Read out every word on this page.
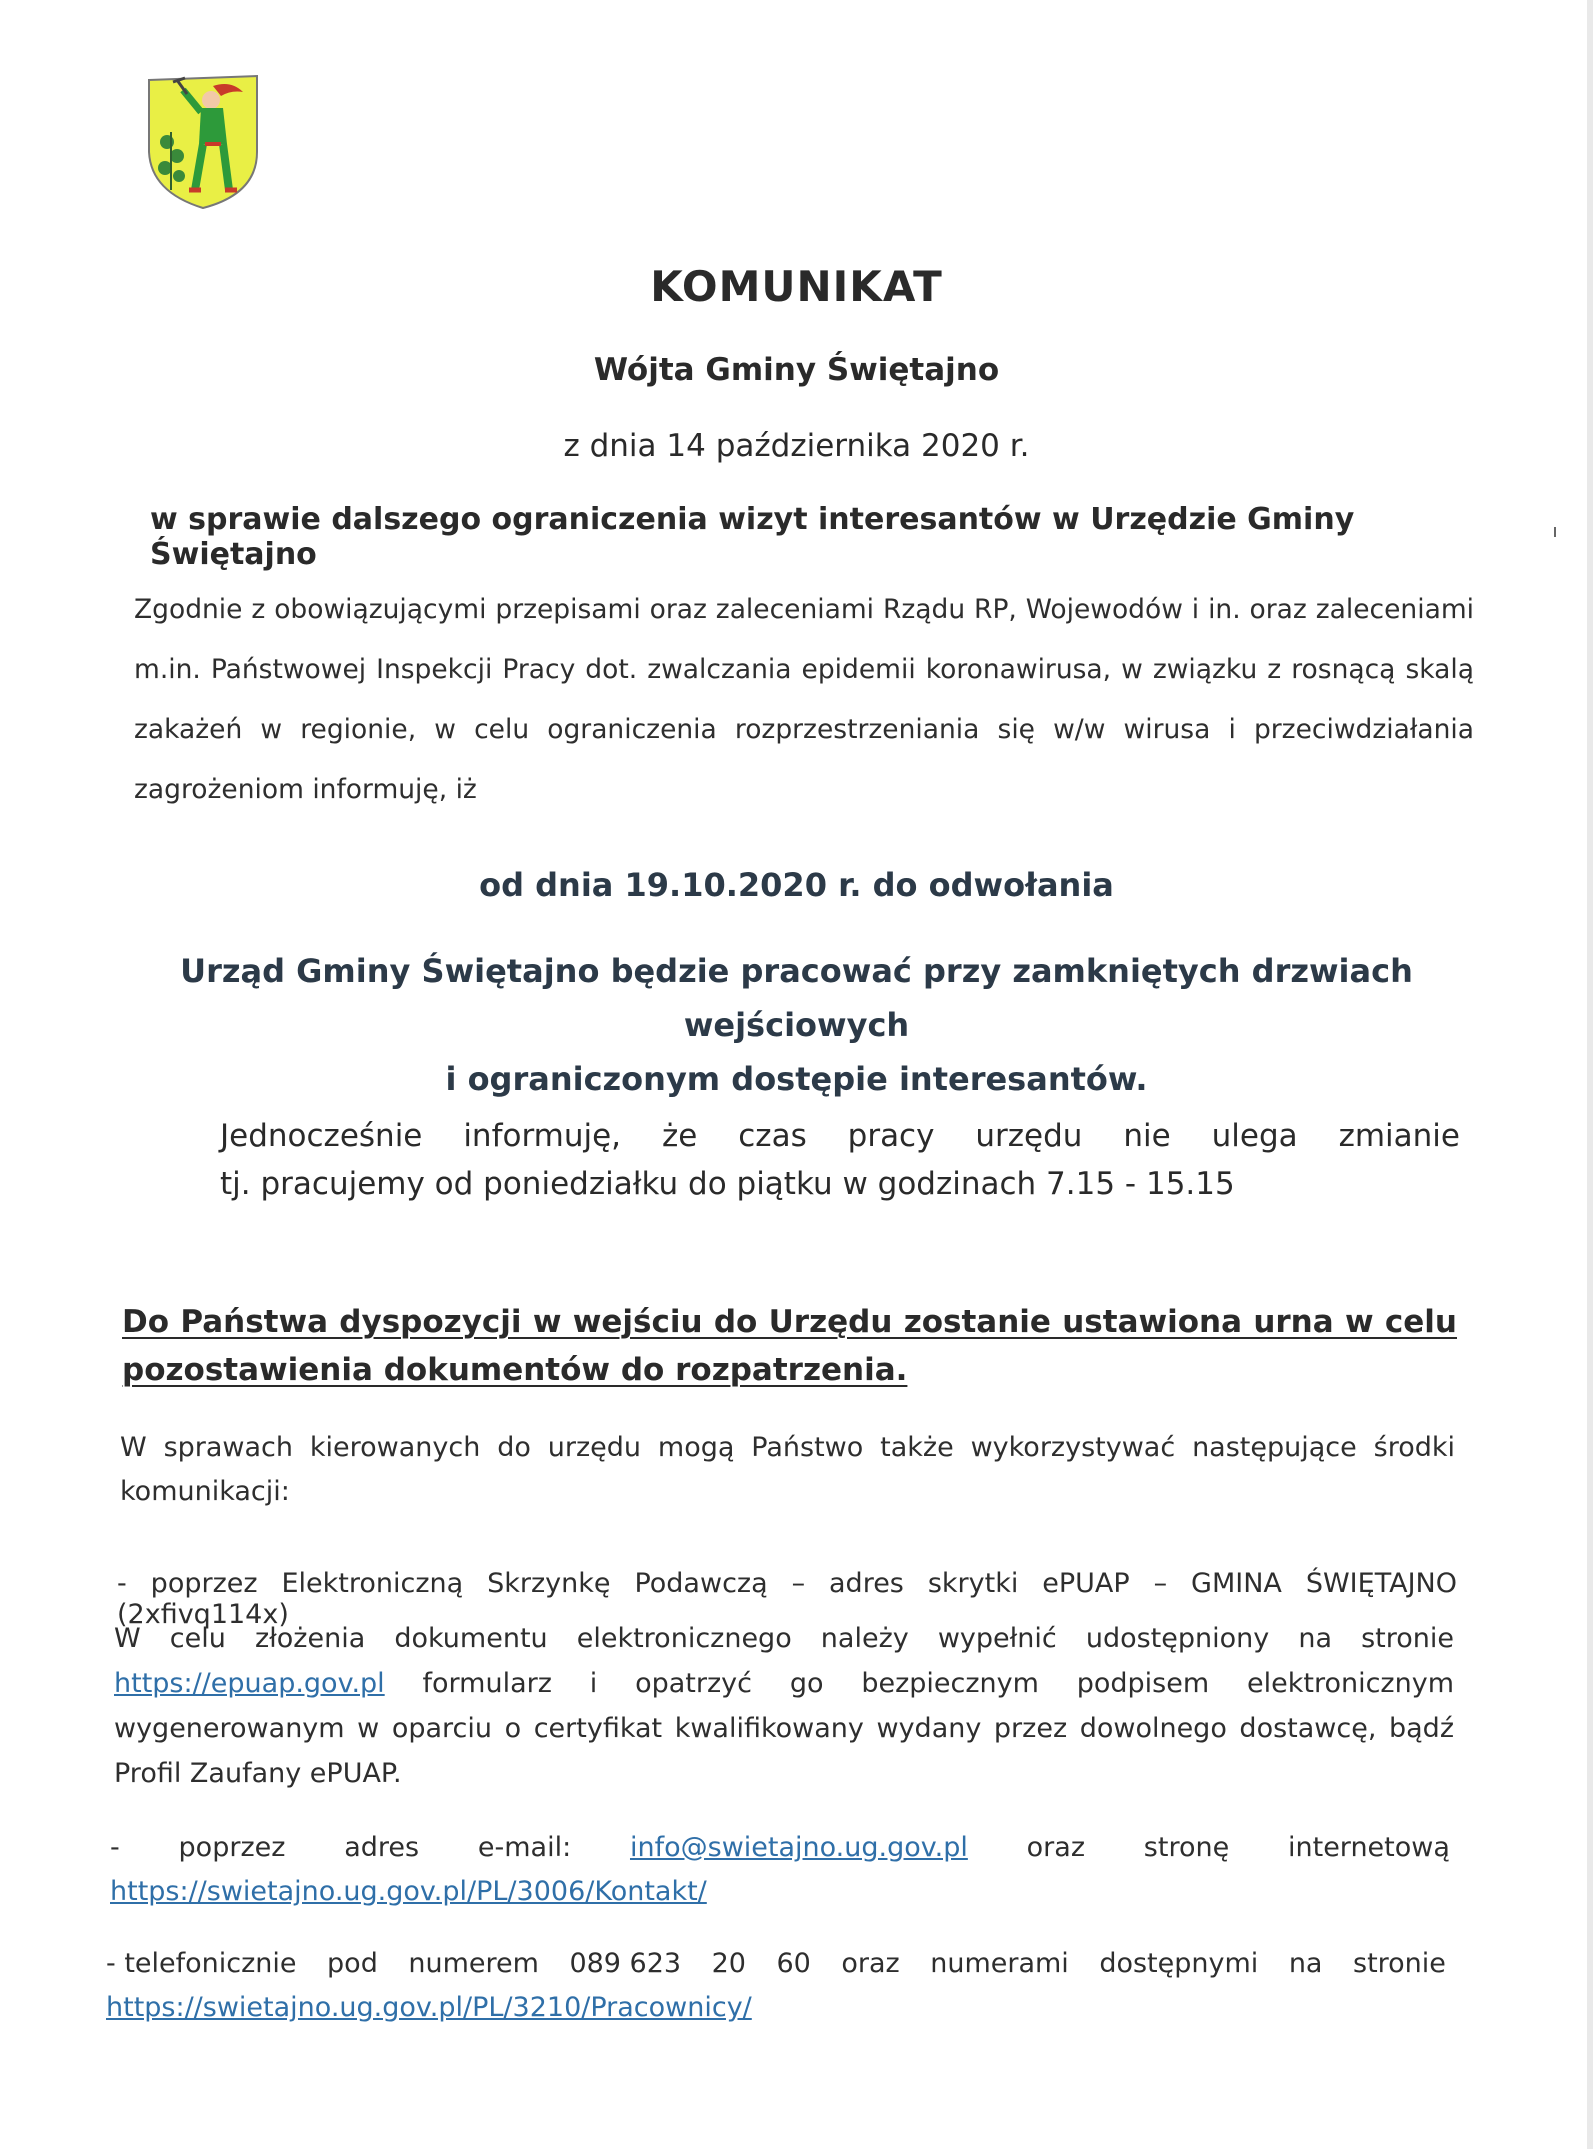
KOMUNIKAT
Wójta Gminy Świętajno
z dnia 14 października 2020 r.
w sprawie dalszego ograniczenia wizyt interesantów w Urzędzie Gminy Świętajno
Zgodnie z obowiązującymi przepisami oraz zaleceniami Rządu RP, Wojewodów i in. oraz zaleceniami m.in. Państwowej Inspekcji Pracy dot. zwalczania epidemii koronawirusa, w związku z rosnącą skalą zakażeń w regionie, w celu ograniczenia rozprzestrzeniania się w/w wirusa i przeciwdziałania zagrożeniom informuję, iż
od dnia 19.10.2020 r. do odwołania
Urząd Gminy Świętajno będzie pracować przy zamkniętych drzwiach wejściowych
i ograniczonym dostępie interesantów.
Jednocześnie informuję, że czas pracy urzędu nie ulega zmianie
tj. pracujemy od poniedziałku do piątku w godzinach 7.15 - 15.15
Do Państwa dyspozycji w wejściu do Urzędu zostanie ustawiona urna w celu pozostawienia dokumentów do rozpatrzenia.
W sprawach kierowanych do urzędu mogą Państwo także wykorzystywać następujące środki komunikacji:
- poprzez Elektroniczną Skrzynkę Podawczą – adres skrytki ePUAP – GMINA ŚWIĘTAJNO (2xfivq114x)
W celu złożenia dokumentu elektronicznego należy wypełnić udostępniony na stronie https://epuap.gov.pl formularz i opatrzyć go bezpiecznym podpisem elektronicznym wygenerowanym w oparciu o certyfikat kwalifikowany wydany przez dowolnego dostawcę, bądź Profil Zaufany ePUAP.
- poprzez adres e-mail: info@swietajno.ug.gov.pl oraz stronę internetową
https://swietajno.ug.gov.pl/PL/3006/Kontakt/
- telefonicznie pod numerem 089 623 20 60 oraz numerami dostępnymi na stronie
https://swietajno.ug.gov.pl/PL/3210/Pracownicy/
